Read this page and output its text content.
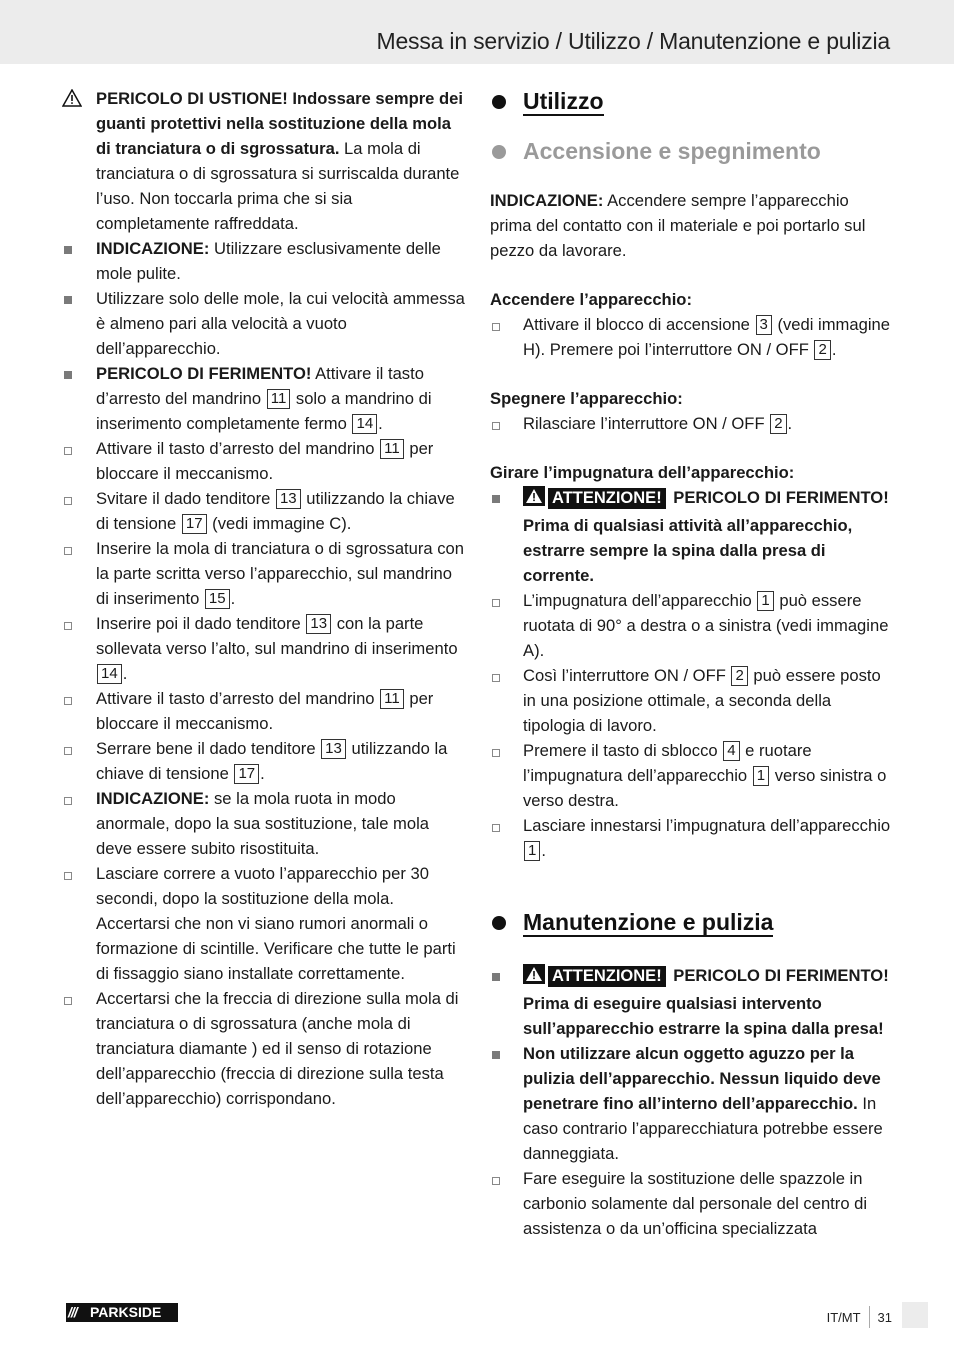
Messa in servizio / Utilizzo / Manutenzione e pulizia
PERICOLO DI USTIONE! Indossare sempre dei guanti protettivi nella sostituzione della mola di tranciatura o di sgrossatura. La mola di tranciatura o di sgrossatura si surriscalda durante l’uso. Non toccarla prima che si sia completamente raffreddata.
INDICAZIONE: Utilizzare esclusivamente delle mole pulite.
Utilizzare solo delle mole, la cui velocità ammessa è almeno pari alla velocità a vuoto dell’apparecchio.
PERICOLO DI FERIMENTO! Attivare il tasto d’arresto del mandrino 11 solo a mandrino di inserimento completamente fermo 14 .
Attivare il tasto d’arresto del mandrino 11 per bloccare il meccanismo.
Svitare il dado tenditore 13 utilizzando la chiave di tensione 17 (vedi immagine C).
Inserire la mola di tranciatura o di sgrossatura con la parte scritta verso l’apparecchio, sul mandrino di inserimento 15 .
Inserire poi il dado tenditore 13 con la parte sollevata verso l’alto, sul mandrino di inserimento 14 .
Attivare il tasto d’arresto del mandrino 11 per bloccare il meccanismo.
Serrare bene il dado tenditore 13 utilizzando la chiave di tensione 17 .
INDICAZIONE: se la mola ruota in modo anormale, dopo la sua sostituzione, tale mola deve essere subito risostituita.
Lasciare correre a vuoto l’apparecchio per 30 secondi, dopo la sostituzione della mola. Accertarsi che non vi siano rumori anormali o formazione di scintille. Verificare che tutte le parti di fissaggio siano installate correttamente.
Accertarsi che la freccia di direzione sulla mola di tranciatura o di sgrossatura (anche mola di tranciatura diamante ) ed il senso di rotazione dell’apparecchio (freccia di direzione sulla testa dell’apparecchio) corrispondano.
Utilizzo
Accensione e spegnimento
INDICAZIONE: Accendere sempre l’apparecchio prima del contatto con il materiale e poi portarlo sul pezzo da lavorare.
Accendere l’apparecchio:
Attivare il blocco di accensione 3 (vedi immagine H). Premere poi l’interruttore ON / OFF 2 .
Spegnere l’apparecchio:
Rilasciare l’interruttore ON / OFF 2 .
Girare l’impugnatura dell’apparecchio:
ATTENZIONE! PERICOLO DI FERIMENTO! Prima di qualsiasi attività all’apparecchio, estrarre sempre la spina dalla presa di corrente.
L’impugnatura dell’apparecchio 1 può essere ruotata di 90° a destra o a sinistra (vedi immagine A).
Così l’interruttore ON / OFF 2 può essere posto in una posizione ottimale, a seconda della tipologia di lavoro.
Premere il tasto di sblocco 4 e ruotare l’impugnatura dell’apparecchio 1 verso sinistra o verso destra.
Lasciare innestarsi l’impugnatura dell’apparecchio 1 .
Manutenzione e pulizia
ATTENZIONE! PERICOLO DI FERIMENTO! Prima di eseguire qualsiasi intervento sull’apparecchio estrarre la spina dalla presa!
Non utilizzare alcun oggetto aguzzo per la pulizia dell’apparecchio. Nessun liquido deve penetrare fino all’interno dell’apparecchio. In caso contrario l’apparecchiatura potrebbe essere danneggiata.
Fare eseguire la sostituzione delle spazzole in carbonio solamente dal personale del centro di assistenza o da un’officina specializzata
/// PARKSIDE	IT/MT 31
